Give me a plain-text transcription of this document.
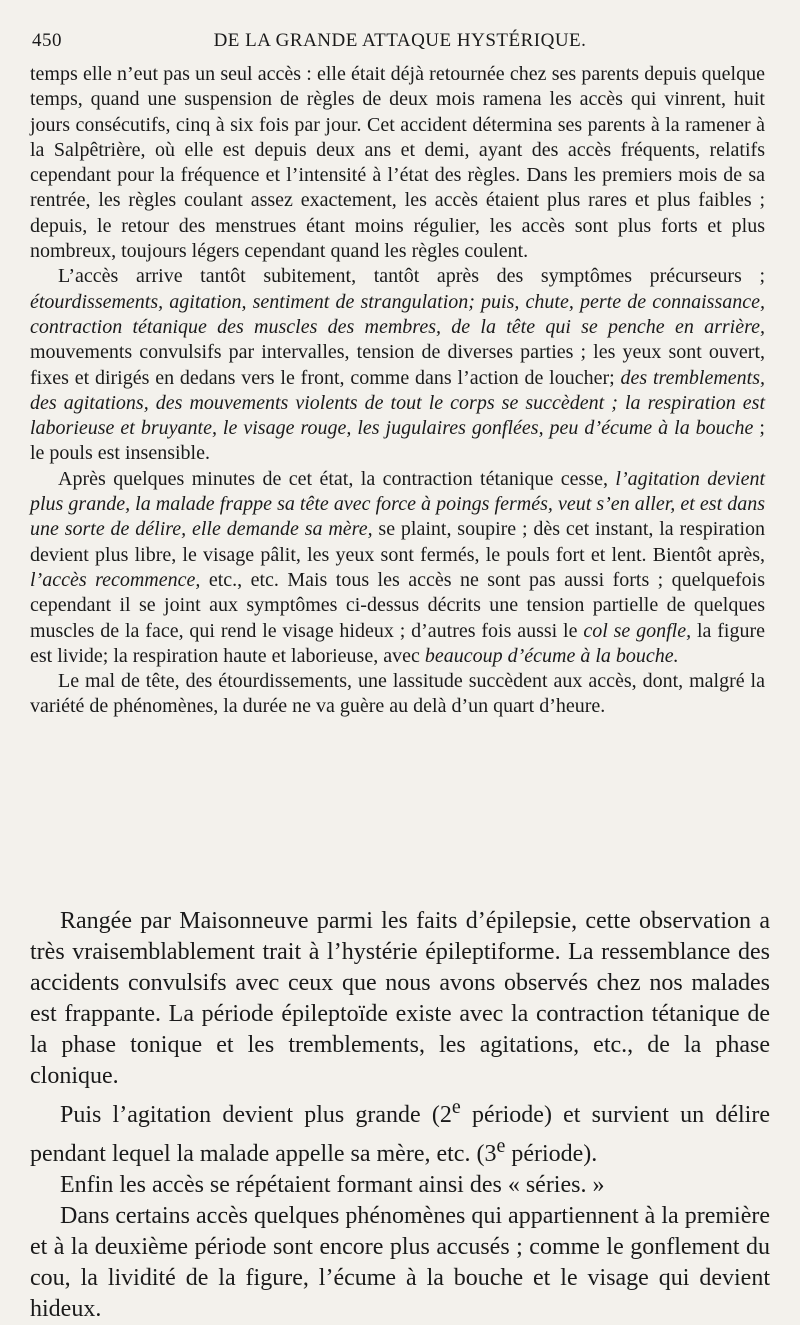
450	DE LA GRANDE ATTAQUE HYSTÉRIQUE.

temps elle n’eut pas un seul accès : elle était déjà retournée chez ses parents depuis quelque temps, quand une suspension de règles de deux mois ramena les accès qui vinrent, huit jours consécutifs, cinq à six fois par jour. Cet accident détermina ses parents à la ramener à la Salpêtrière, où elle est depuis deux ans et demi, ayant des accès fréquents, relatifs cependant pour la fréquence et l’intensité à l’état des règles. Dans les premiers mois de sa rentrée, les règles coulant assez exactement, les accès étaient plus rares et plus faibles ; depuis, le retour des menstrues étant moins régulier, les accès sont plus forts et plus nombreux, toujours légers cependant quand les règles coulent.

L’accès arrive tantôt subitement, tantôt après des symptômes précurseurs ; étourdissements, agitation, sentiment de strangulation; puis, chute, perte de connaissance, contraction tétanique des muscles des membres, de la tête qui se penche en arrière, mouvements convulsifs par intervalles, tension de diverses parties ; les yeux sont ouvert, fixes et dirigés en dedans vers le front, comme dans l’action de loucher; des tremblements, des agitations, des mouvements violents de tout le corps se succèdent ; la respiration est laborieuse et bruyante, le visage rouge, les jugulaires gonflées, peu d’écume à la bouche ; le pouls est insensible.

Après quelques minutes de cet état, la contraction tétanique cesse, l’agitation devient plus grande, la malade frappe sa tête avec force à poings fermés, veut s’en aller, et est dans une sorte de délire, elle demande sa mère, se plaint, soupire ; dès cet instant, la respiration devient plus libre, le visage pâlit, les yeux sont fermés, le pouls fort et lent. Bientôt après, l’accès recommence, etc., etc. Mais tous les accès ne sont pas aussi forts ; quelquefois cependant il se joint aux symptômes ci-dessus décrits une tension partielle de quelques muscles de la face, qui rend le visage hideux ; d’autres fois aussi le col se gonfle, la figure est livide; la respiration haute et laborieuse, avec beaucoup d’écume à la bouche.

Le mal de tête, des étourdissements, une lassitude succèdent aux accès, dont, malgré la variété de phénomènes, la durée ne va guère au delà d’un quart d’heure.

Rangée par Maisonneuve parmi les faits d’épilepsie, cette observation a très vraisemblablement trait à l’hystérie épileptiforme. La ressemblance des accidents convulsifs avec ceux que nous avons observés chez nos malades est frappante. La période épileptoïde existe avec la contraction tétanique de la phase tonique et les tremblements, les agitations, etc., de la phase clonique.

Puis l’agitation devient plus grande (2e période) et survient un délire pendant lequel la malade appelle sa mère, etc. (3e période).

Enfin les accès se répétaient formant ainsi des « séries. »

Dans certains accès quelques phénomènes qui appartiennent à la première et à la deuxième période sont encore plus accusés ; comme le gonflement du cou, la lividité de la figure, l’écume à la bouche et le visage qui devient hideux.
